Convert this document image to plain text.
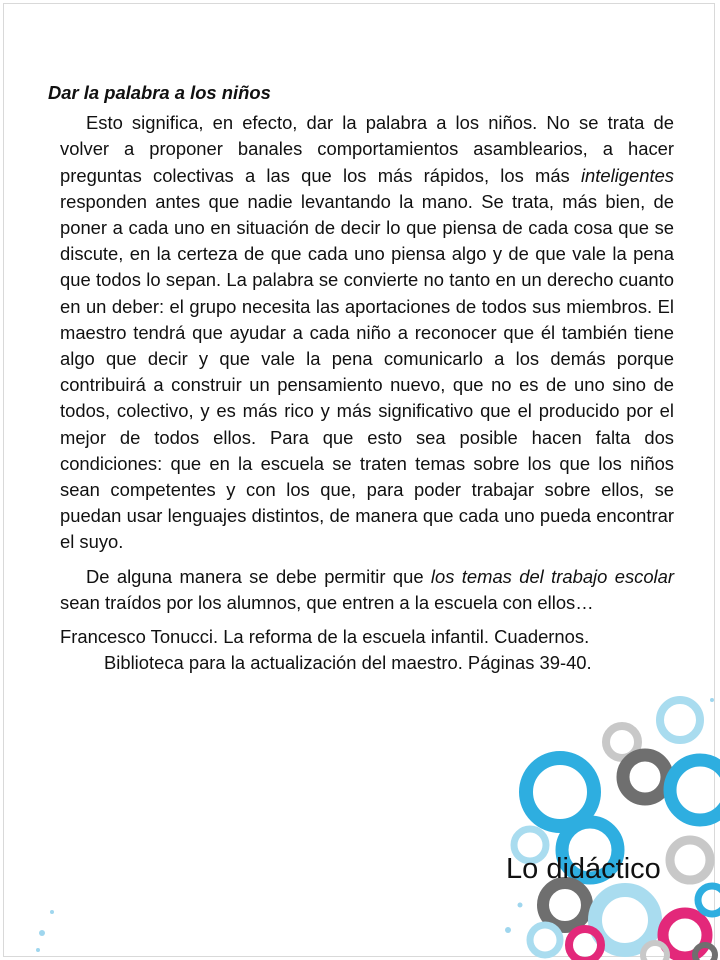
Dar la palabra a los niños

Esto significa, en efecto, dar la palabra a los niños. No se trata de volver a proponer banales comportamientos asamblearios, a hacer preguntas colectivas a las que los más rápidos, los más inteligentes responden antes que nadie levantando la mano. Se trata, más bien, de poner a cada uno en situación de decir lo que piensa de cada cosa que se discute, en la certeza de que cada uno piensa algo y de que vale la pena que todos lo sepan. La palabra se convierte no tanto en un derecho cuanto en un deber: el grupo necesita las aportaciones de todos sus miembros. El maestro tendrá que ayudar a cada niño a reconocer que él también tiene algo que decir y que vale la pena comunicarlo a los demás porque contribuirá a construir un pensamiento nuevo, que no es de uno sino de todos, colectivo, y es más rico y más significativo que el producido por el mejor de todos ellos. Para que esto sea posible hacen falta dos condiciones: que en la escuela se traten temas sobre los que los niños sean competentes y con los que, para poder trabajar sobre ellos, se puedan usar lenguajes distintos, de manera que cada uno pueda encontrar el suyo.

De alguna manera se debe permitir que los temas del trabajo escolar sean traídos por los alumnos, que entren a la escuela con ellos…

Francesco Tonucci. La reforma de la escuela infantil. Cuadernos. Biblioteca para la actualización del maestro. Páginas 39-40.

Lo didáctico
